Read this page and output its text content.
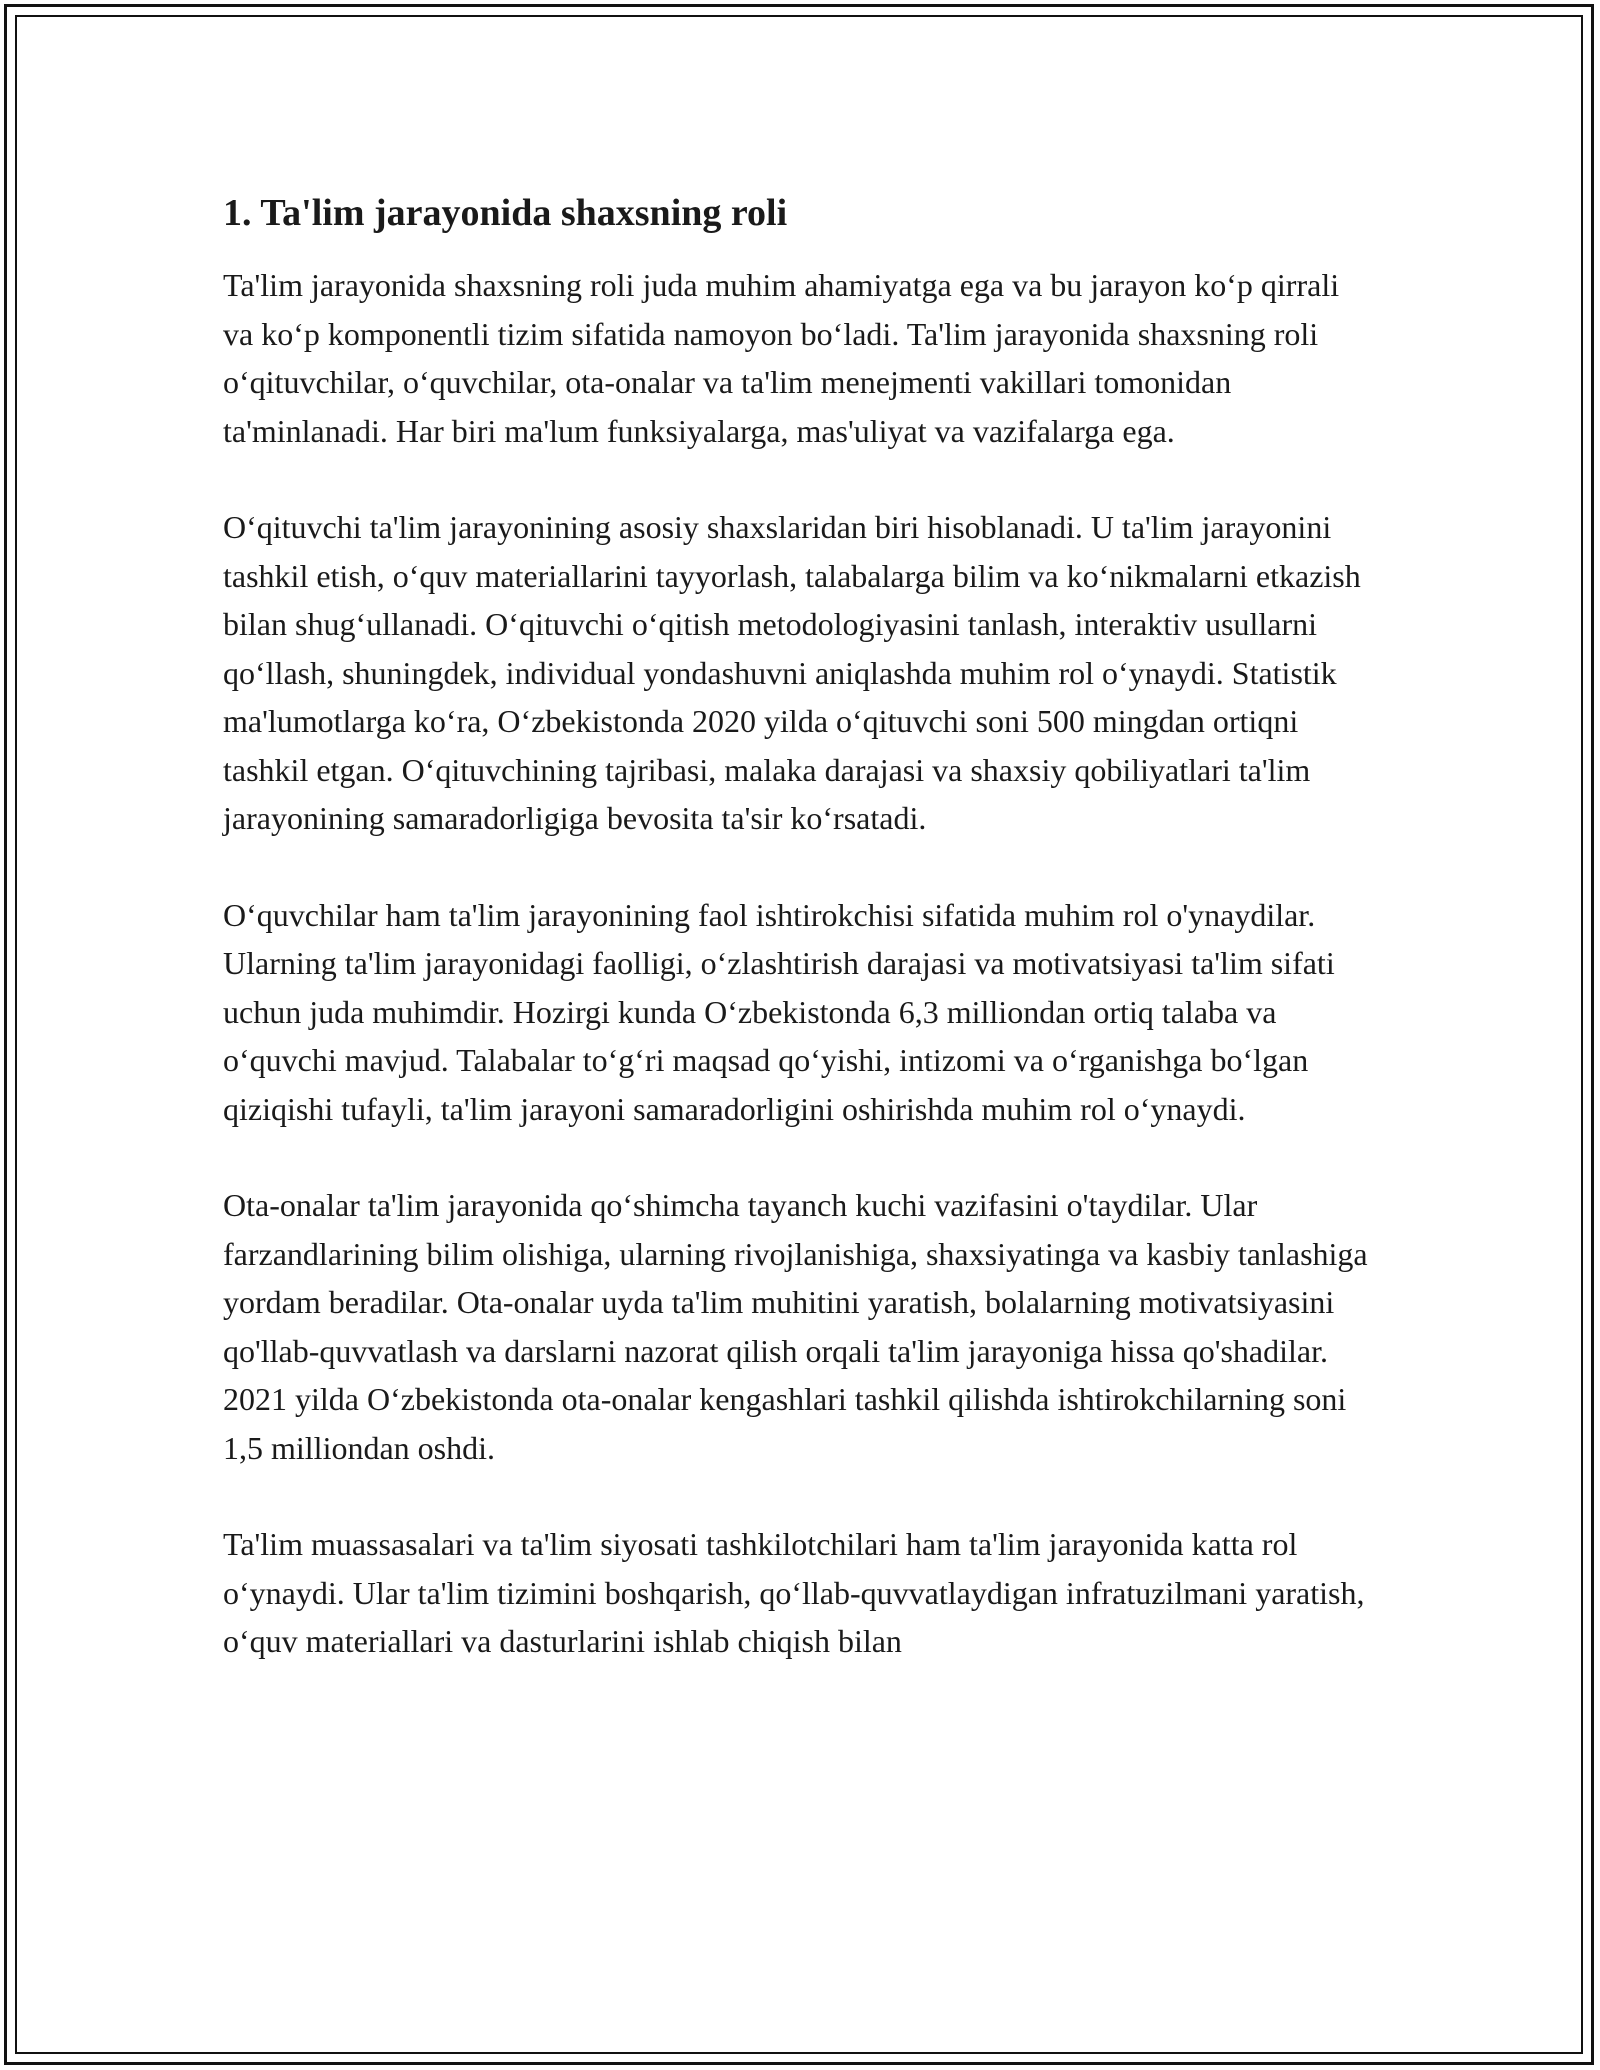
1. Ta'lim jarayonida shaxsning roli

Ta'lim jarayonida shaxsning roli juda muhim ahamiyatga ega va bu jarayon ko‘p qirrali va ko‘p komponentli tizim sifatida namoyon bo‘ladi. Ta'lim jarayonida shaxsning roli o‘qituvchilar, o‘quvchilar, ota-onalar va ta'lim menejmenti vakillari tomonidan ta'minlanadi. Har biri ma'lum funksiyalarga, mas'uliyat va vazifalarga ega.

O‘qituvchi ta'lim jarayonining asosiy shaxslaridan biri hisoblanadi. U ta'lim jarayonini tashkil etish, o‘quv materiallarini tayyorlash, talabalarga bilim va ko‘nikmalarni etkazish bilan shug‘ullanadi. O‘qituvchi o‘qitish metodologiyasini tanlash, interaktiv usullarni qo‘llash, shuningdek, individual yondashuvni aniqlashda muhim rol o‘ynaydi. Statistik ma'lumotlarga ko‘ra, O‘zbekistonda 2020 yilda o‘qituvchi soni 500 mingdan ortiqni tashkil etgan. O‘qituvchining tajribasi, malaka darajasi va shaxsiy qobiliyatlari ta'lim jarayonining samaradorligiga bevosita ta'sir ko‘rsatadi.

O‘quvchilar ham ta'lim jarayonining faol ishtirokchisi sifatida muhim rol o'ynaydilar. Ularning ta'lim jarayonidagi faolligi, o‘zlashtirish darajasi va motivatsiyasi ta'lim sifati uchun juda muhimdir. Hozirgi kunda O‘zbekistonda 6,3 milliondan ortiq talaba va o‘quvchi mavjud. Talabalar to‘g‘ri maqsad qo‘yishi, intizomi va o‘rganishga bo‘lgan qiziqishi tufayli, ta'lim jarayoni samaradorligini oshirishda muhim rol o‘ynaydi.

Ota-onalar ta'lim jarayonida qo‘shimcha tayanch kuchi vazifasini o'taydilar. Ular farzandlarining bilim olishiga, ularning rivojlanishiga, shaxsiyatinga va kasbiy tanlashiga yordam beradilar. Ota-onalar uyda ta'lim muhitini yaratish, bolalarning motivatsiyasini qo'llab-quvvatlash va darslarni nazorat qilish orqali ta'lim jarayoniga hissa qo'shadilar. 2021 yilda O‘zbekistonda ota-onalar kengashlari tashkil qilishda ishtirokchilarning soni 1,5 milliondan oshdi.

Ta'lim muassasalari va ta'lim siyosati tashkilotchilari ham ta'lim jarayonida katta rol o‘ynaydi. Ular ta'lim tizimini boshqarish, qo‘llab-quvvatlaydigan infratuzilmani yaratish, o‘quv materiallari va dasturlarini ishlab chiqish bilan
